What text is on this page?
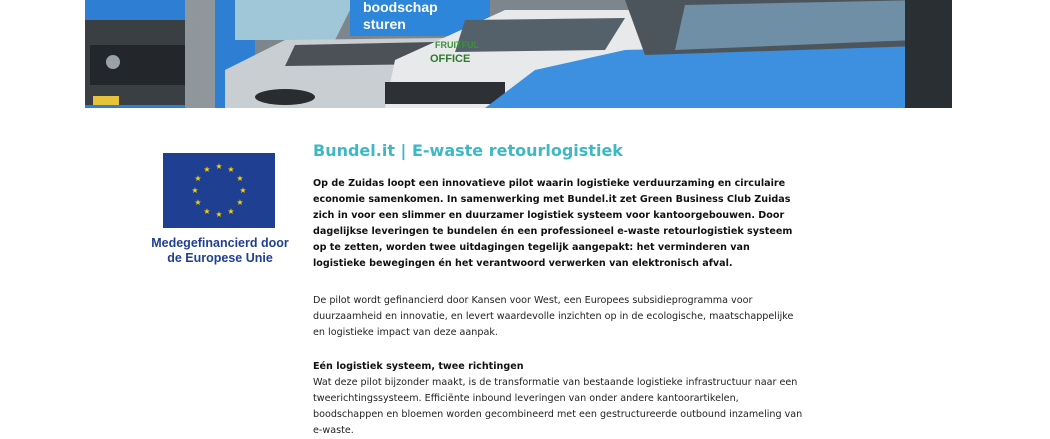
boodschap
sturen
FRUITFUL
OFFICE
★ ★
★
★
★
★
★
★
★
★
★
★
Medegefinancierd door
de Europese Unie
Bundel.it | E-waste retourlogistiek

Op de Zuidas loopt een innovatieve pilot waarin logistieke verduurzaming en circulaire economie samenkomen. In samenwerking met Bundel.it zet Green Business Club Zuidas zich in voor een slimmer en duurzamer logistiek systeem voor kantoorgebouwen. Door dagelijkse leveringen te bundelen én een professioneel e-waste retourlogistiek systeem op te zetten, worden twee uitdagingen tegelijk aangepakt: het verminderen van logistieke bewegingen én het verantwoord verwerken van elektronisch afval.

De pilot wordt gefinancierd door Kansen voor West, een Europees subsidieprogramma voor duurzaamheid en innovatie, en levert waardevolle inzichten op in de ecologische, maatschappelijke en logistieke impact van deze aanpak.

Eén logistiek systeem, twee richtingen

Wat deze pilot bijzonder maakt, is de transformatie van bestaande logistieke infrastructuur naar een tweerichtingssysteem. Efficiënte inbound leveringen van onder andere kantoorartikelen, boodschappen en bloemen worden gecombineerd met een gestructureerde outbound inzameling van e-waste.
